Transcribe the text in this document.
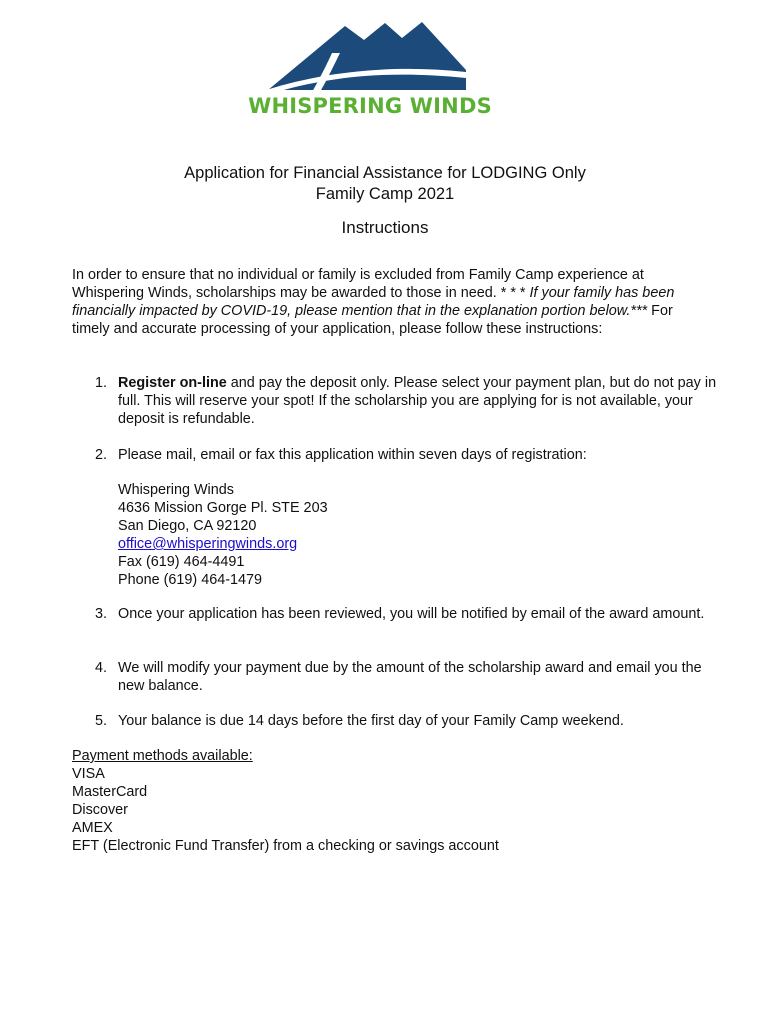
WHISPERING WINDS
Application for Financial Assistance for LODGING Only
Family Camp 2021
Instructions

In order to ensure that no individual or family is excluded from Family Camp experience at Whispering Winds, scholarships may be awarded to those in need. * * * If your family has been financially impacted by COVID-19, please mention that in the explanation portion below.*** For timely and accurate processing of your application, please follow these instructions:

1. Register on-line and pay the deposit only. Please select your payment plan, but do not pay in full. This will reserve your spot! If the scholarship you are applying for is not available, your deposit is refundable.
2. Please mail, email or fax this application within seven days of registration:
Whispering Winds
4636 Mission Gorge Pl. STE 203
San Diego, CA 92120
office@whisperingwinds.org
Fax (619) 464-4491
Phone (619) 464-1479
3. Once your application has been reviewed, you will be notified by email of the award amount.
4. We will modify your payment due by the amount of the scholarship award and email you the new balance.
5. Your balance is due 14 days before the first day of your Family Camp weekend.
Payment methods available:
VISA
MasterCard
Discover
AMEX
EFT (Electronic Fund Transfer) from a checking or savings account
